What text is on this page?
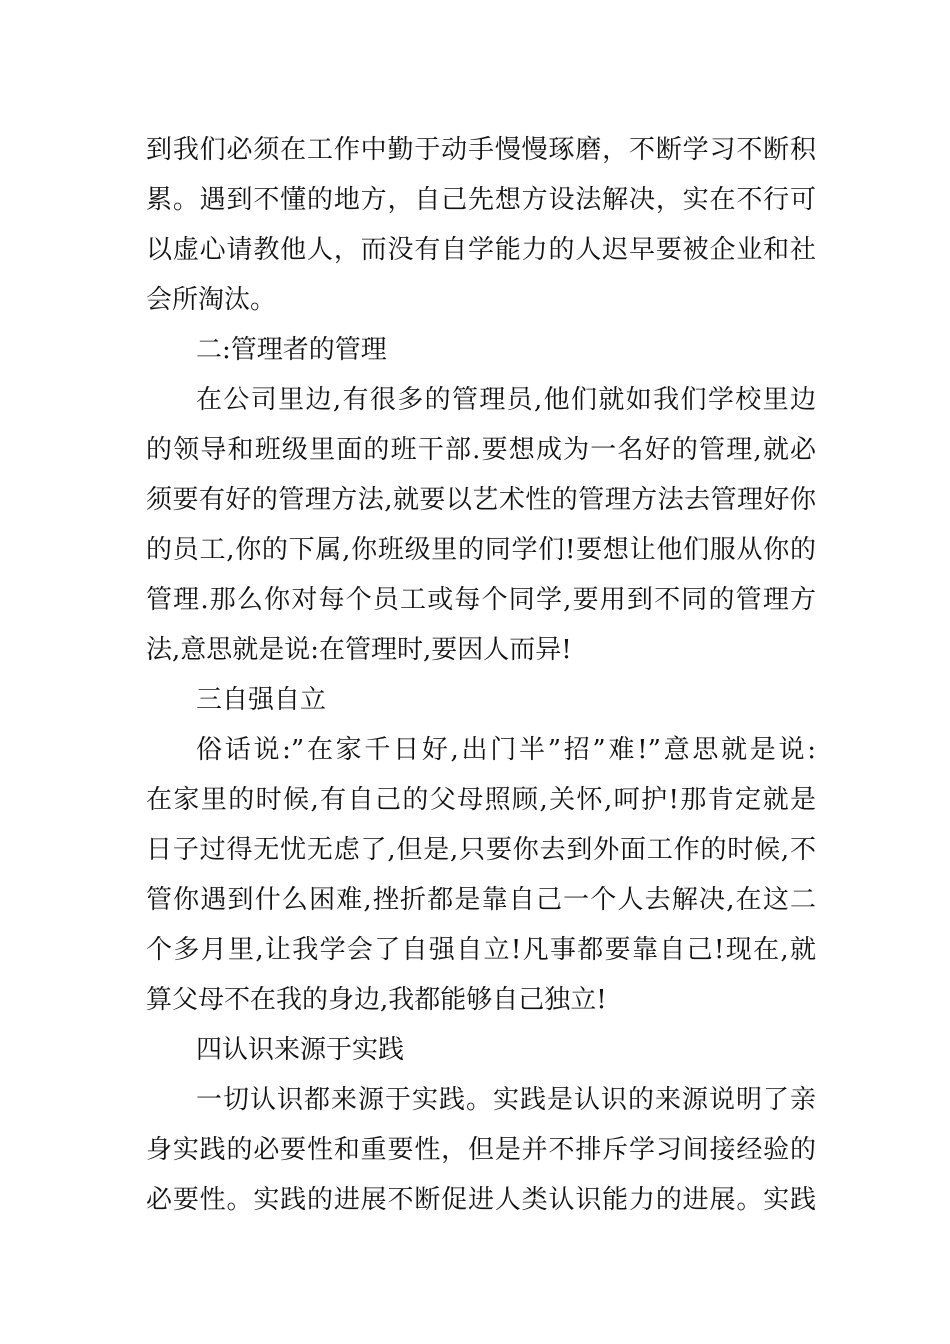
到我们必须在工作中勤于动手慢慢琢磨，不断学习不断积
累。遇到不懂的地方，自己先想方设法解决，实在不行可
以虚心请教他人，而没有自学能力的人迟早要被企业和社
会所淘汰。
二:管理者的管理
在公司里边,有很多的管理员,他们就如我们学校里边
的领导和班级里面的班干部.要想成为一名好的管理,就必
须要有好的管理方法,就要以艺术性的管理方法去管理好你
的员工,你的下属,你班级里的同学们!要想让他们服从你的
管理.那么你对每个员工或每个同学,要用到不同的管理方
法,意思就是说:在管理时,要因人而异!
三自强自立
俗话说:”在家千日好,出门半”招”难!”意思就是说:
在家里的时候,有自己的父母照顾,关怀,呵护!那肯定就是
日子过得无忧无虑了,但是,只要你去到外面工作的时候,不
管你遇到什么困难,挫折都是靠自己一个人去解决,在这二
个多月里,让我学会了自强自立!凡事都要靠自己!现在,就
算父母不在我的身边,我都能够自己独立!
四认识来源于实践
一切认识都来源于实践。实践是认识的来源说明了亲
身实践的必要性和重要性，但是并不排斥学习间接经验的
必要性。实践的进展不断促进人类认识能力的进展。实践
